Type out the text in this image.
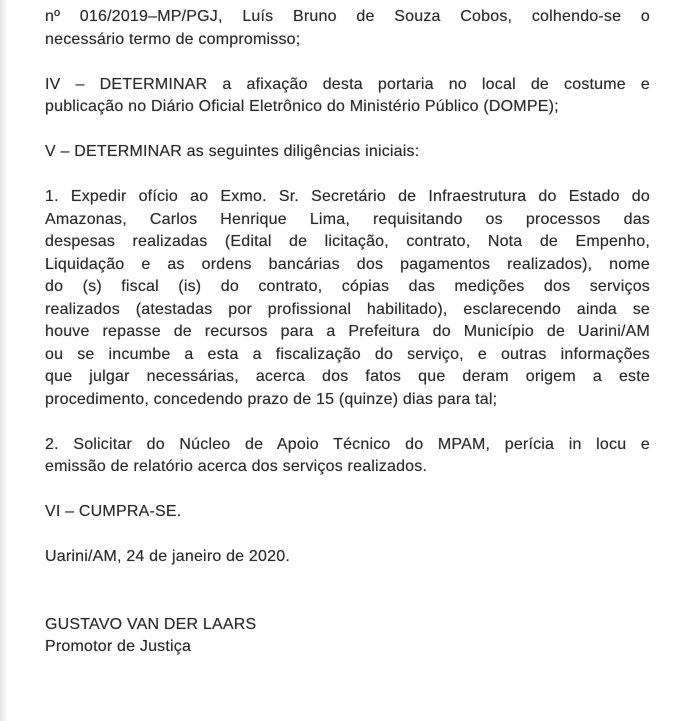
nº 016/2019–MP/PGJ, Luís Bruno de Souza Cobos, colhendo-se o
necessário termo de compromisso;

IV – DETERMINAR a afixação desta portaria no local de costume e
publicação no Diário Oficial Eletrônico do Ministério Público (DOMPE);

V – DETERMINAR as seguintes diligências iniciais:

1. Expedir ofício ao Exmo. Sr. Secretário de Infraestrutura do Estado do
Amazonas, Carlos Henrique Lima, requisitando os processos das
despesas realizadas (Edital de licitação, contrato, Nota de Empenho,
Liquidação e as ordens bancárias dos pagamentos realizados), nome
do (s) fiscal (is) do contrato, cópias das medições dos serviços
realizados (atestadas por profissional habilitado), esclarecendo ainda se
houve repasse de recursos para a Prefeitura do Município de Uarini/AM
ou se incumbe a esta a fiscalização do serviço, e outras informações
que julgar necessárias, acerca dos fatos que deram origem a este
procedimento, concedendo prazo de 15 (quinze) dias para tal;

2. Solicitar do Núcleo de Apoio Técnico do MPAM, perícia in locu e
emissão de relatório acerca dos serviços realizados.

VI – CUMPRA-SE.

Uarini/AM, 24 de janeiro de 2020.

GUSTAVO VAN DER LAARS
Promotor de Justiça
